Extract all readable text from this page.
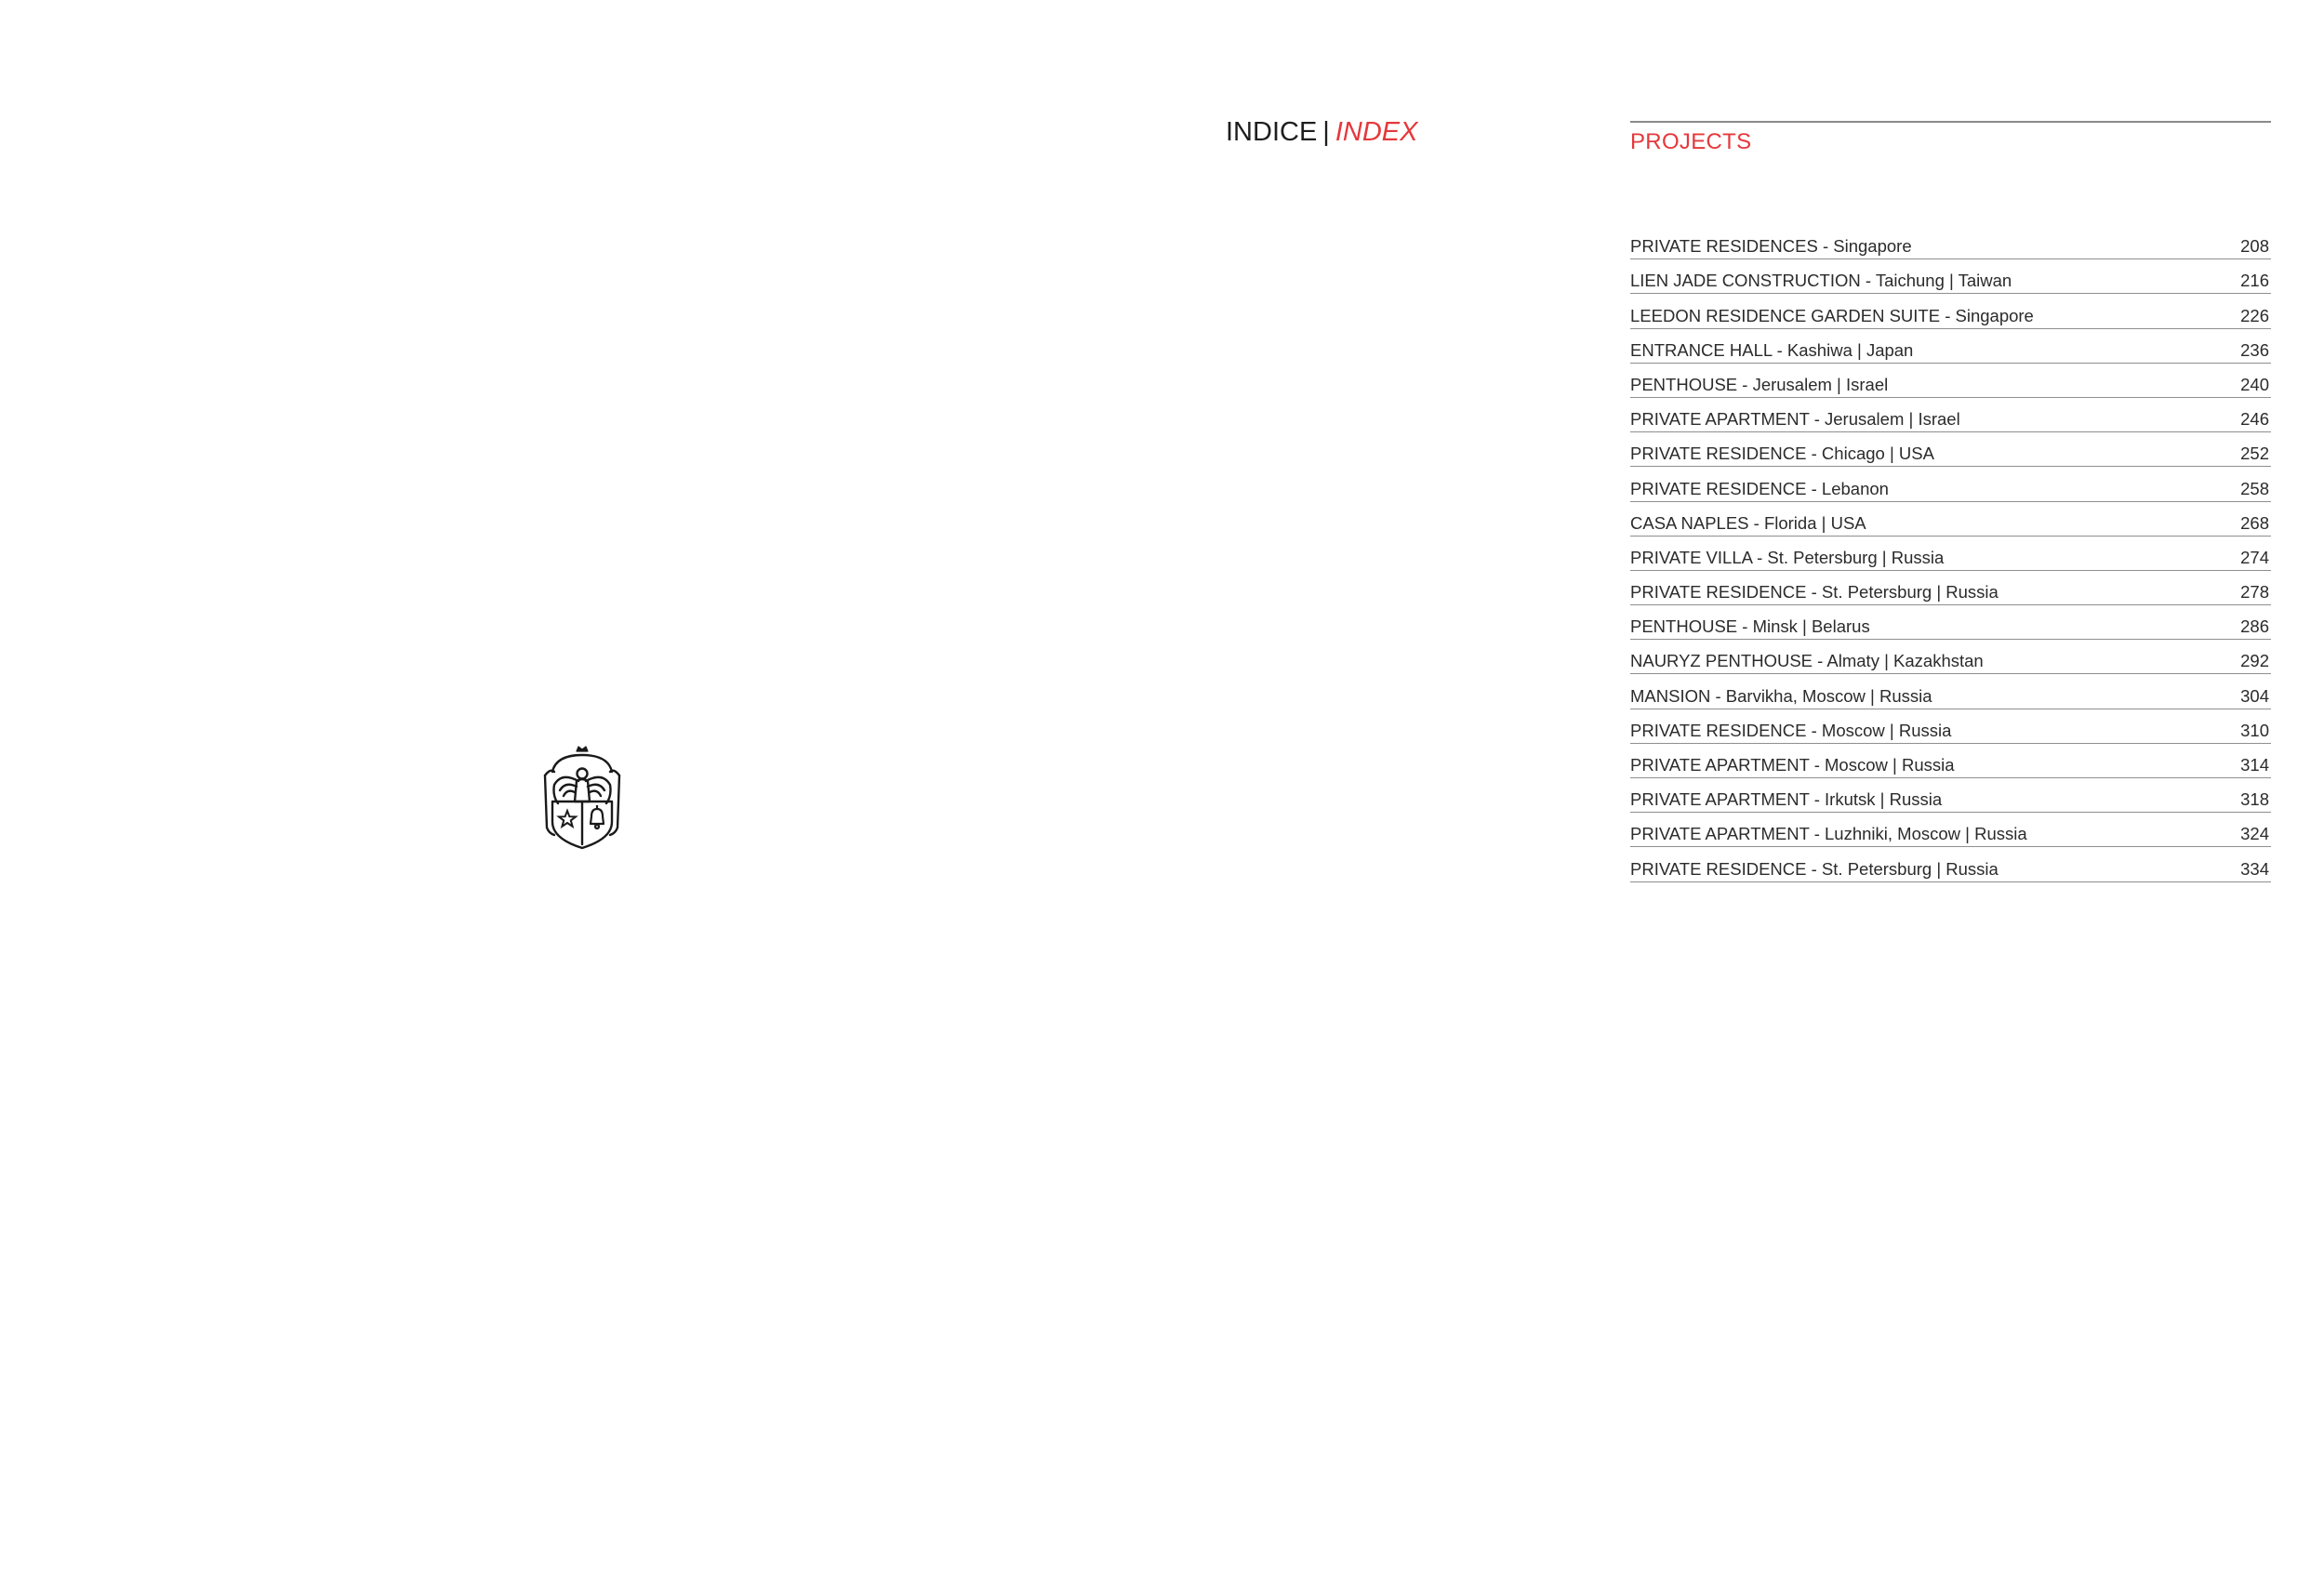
INDICE | INDEX	PROJECTS
PRIVATE RESIDENCES - Singapore	208
LIEN JADE CONSTRUCTION - Taichung | Taiwan	216
LEEDON RESIDENCE GARDEN SUITE - Singapore	226
ENTRANCE HALL - Kashiwa | Japan	236
PENTHOUSE - Jerusalem | Israel	240
PRIVATE APARTMENT - Jerusalem | Israel	246
PRIVATE RESIDENCE - Chicago | USA	252
PRIVATE RESIDENCE - Lebanon	258
CASA NAPLES - Florida | USA	268
PRIVATE VILLA - St. Petersburg | Russia	274
PRIVATE RESIDENCE - St. Petersburg | Russia	278
PENTHOUSE - Minsk | Belarus	286
NAURYZ PENTHOUSE - Almaty | Kazakhstan	292
MANSION - Barvikha, Moscow | Russia	304
PRIVATE RESIDENCE - Moscow | Russia	310
PRIVATE APARTMENT - Moscow | Russia	314
PRIVATE APARTMENT - Irkutsk | Russia	318
PRIVATE APARTMENT - Luzhniki, Moscow | Russia	324
PRIVATE RESIDENCE - St. Petersburg | Russia	334
